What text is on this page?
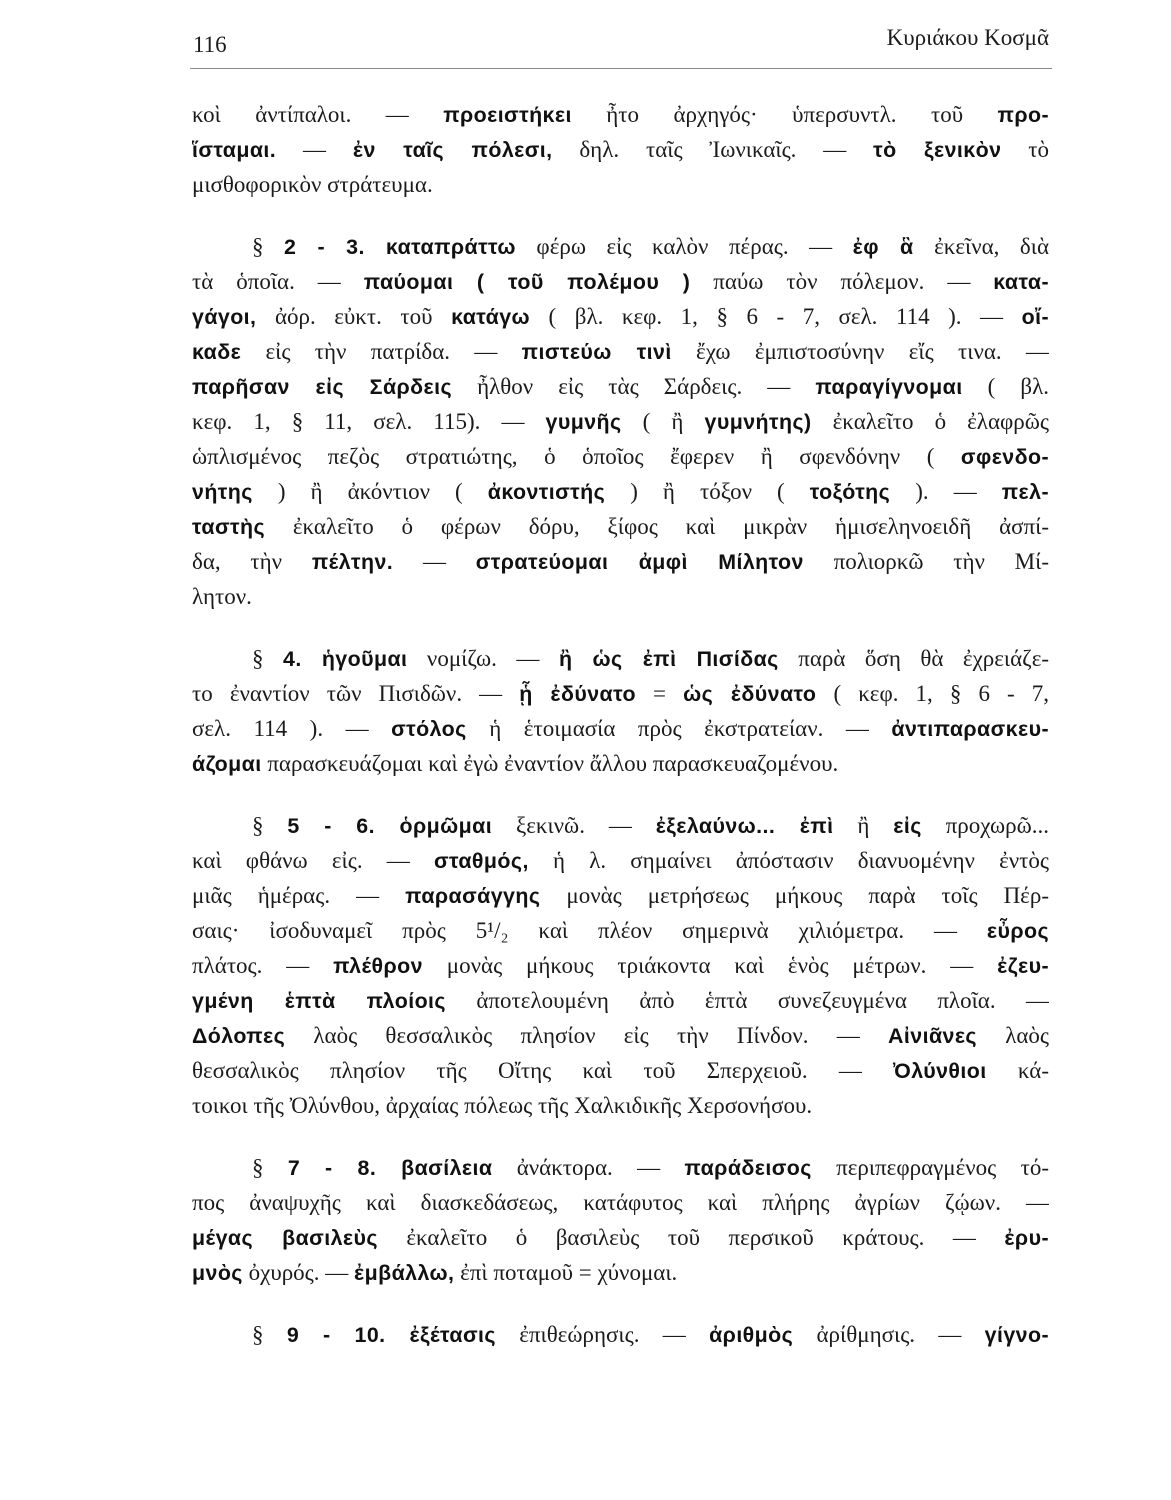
116	Κυριάκου Κοσμᾶ
κοὶ ἀντίπαλοι. — προειστήκει ἦτο ἀρχηγός· ὑπερσυντλ. τοῦ προ-
ἵσταμαι. — ἐν ταῖς πόλεσι, δηλ. ταῖς Ἰωνικαῖς. — τὸ ξενικὸν τὸ
μισθοφορικὸν στράτευμα.
§ 2 - 3. καταπράττω φέρω εἰς καλὸν πέρας. — ἐφ ἃ ἐκεῖνα, διὰ
τὰ ὁποῖα. — παύομαι ( τοῦ πολέμου ) παύω τὸν πόλεμον. — κατα-
γάγοι, ἀόρ. εὐκτ. τοῦ κατάγω ( βλ. κεφ. 1, § 6 - 7, σελ. 114 ). — οἴ-
καδε εἰς τὴν πατρίδα. — πιστεύω τινὶ ἔχω ἐμπιστοσύνην εἴς τινα. —
παρῆσαν εἰς Σάρδεις ἦλθον εἰς τὰς Σάρδεις. — παραγίγνομαι ( βλ.
κεφ. 1, § 11, σελ. 115). — γυμνῆς ( ἢ γυμνήτης) ἐκαλεῖτο ὁ ἐλαφρῶς
ὡπλισμένος πεζὸς στρατιώτης, ὁ ὁποῖος ἔφερεν ἢ σφενδόνην ( σφενδο-
νήτης ) ἢ ἀκόντιον ( ἀκοντιστής ) ἢ τόξον ( τοξότης ). — πελ-
ταστὴς ἐκαλεῖτο ὁ φέρων δόρυ, ξίφος καὶ μικρὰν ἡμισεληνοειδῆ ἀσπί-
δα, τὴν πέλτην. — στρατεύομαι ἀμφὶ Μίλητον πολιορκῶ τὴν Μί-
λητον.
§ 4. ἡγοῦμαι νομίζω. — ἢ ὡς ἐπὶ Πισίδας παρὰ ὅση θὰ ἐχρειάζε-
το ἐναντίον τῶν Πισιδῶν. — ᾗ ἐδύνατο = ὡς ἐδύνατο ( κεφ. 1, § 6 - 7,
σελ. 114 ). — στόλος ἡ ἑτοιμασία πρὸς ἐκστρατείαν. — ἀντιπαρασκευ-
άζομαι παρασκευάζομαι καὶ ἐγὼ ἐναντίον ἄλλου παρασκευαζομένου.
§ 5 - 6. ὁρμῶμαι ξεκινῶ. — ἐξελαύνω... ἐπὶ ἢ εἰς προχωρῶ...
καὶ φθάνω εἰς. — σταθμός, ἡ λ. σημαίνει ἀπόστασιν διανυομένην ἐντὸς
μιᾶς ἡμέρας. — παρασάγγης μονὰς μετρήσεως μήκους παρὰ τοῖς Πέρ-
σαις· ἰσοδυναμεῖ πρὸς 5¹/₂ καὶ πλέον σημερινὰ χιλιόμετρα. — εὖρος
πλάτος. — πλέθρον μονὰς μήκους τριάκοντα καὶ ἑνὸς μέτρων. — ἐζευ-
γμένη ἑπτὰ πλοίοις ἀποτελουμένη ἀπὸ ἑπτὰ συνεζευγμένα πλοῖα. —
Δόλοπες λαὸς θεσσαλικὸς πλησίον εἰς τὴν Πίνδον. — Αἰνιᾶνες λαὸς
θεσσαλικὸς πλησίον τῆς Οἴτης καὶ τοῦ Σπερχειοῦ. — Ὀλύνθιοι κά-
τοικοι τῆς Ὀλύνθου, ἀρχαίας πόλεως τῆς Χαλκιδικῆς Χερσονήσου.
§ 7 - 8. βασίλεια ἀνάκτορα. — παράδεισος περιπεφραγμένος τό-
πος ἀναψυχῆς καὶ διασκεδάσεως, κατάφυτος καὶ πλήρης ἀγρίων ζῴων. —
μέγας βασιλεὺς ἐκαλεῖτο ὁ βασιλεὺς τοῦ περσικοῦ κράτους. — ἐρυ-
μνὸς ὀχυρός. — ἐμβάλλω, ἐπὶ ποταμοῦ = χύνομαι.
§ 9 - 10. ἐξέτασις ἐπιθεώρησις. — ἀριθμὸς ἀρίθμησις. — γίγνο-
